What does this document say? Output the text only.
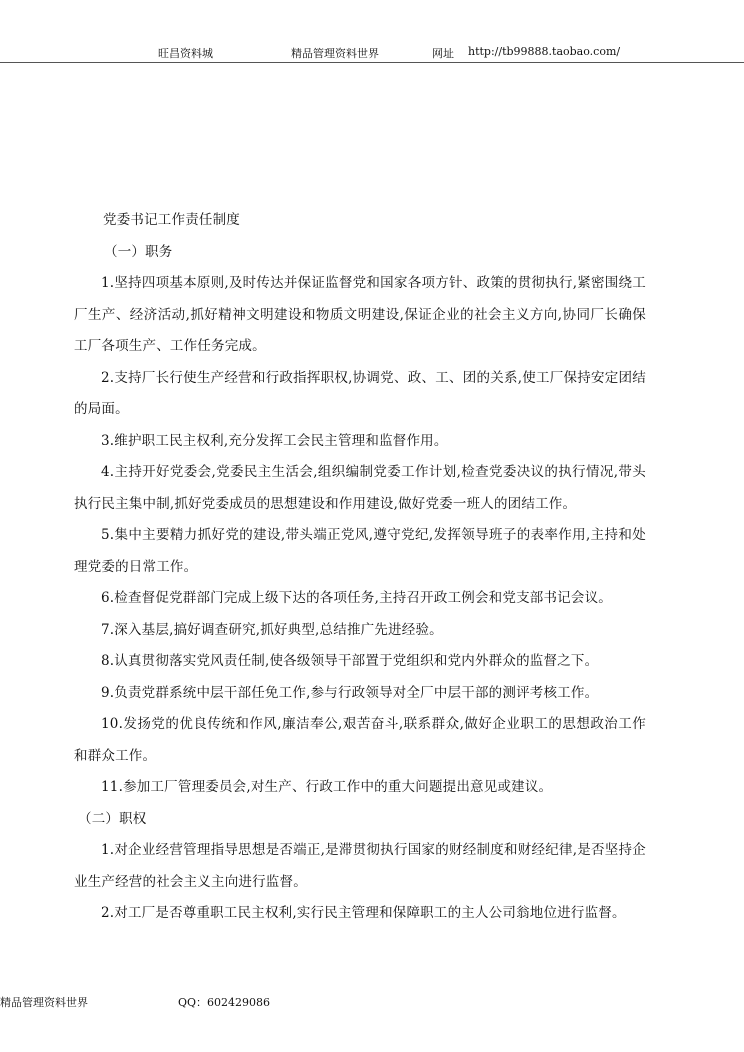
旺昌资料城	精品管理资料世界	网址 http://tb99888.taobao.com/

党委书记工作责任制度

（一）职务

1.坚持四项基本原则,及时传达并保证监督党和国家各项方针、政策的贯彻执行,紧密围绕工厂生产、经济活动,抓好精神文明建设和物质文明建设,保证企业的社会主义方向,协同厂长确保工厂各项生产、工作任务完成。

2.支持厂长行使生产经营和行政指挥职权,协调党、政、工、团的关系,使工厂保持安定团结的局面。

3.维护职工民主权利,充分发挥工会民主管理和监督作用。

4.主持开好党委会,党委民主生活会,组织编制党委工作计划,检查党委决议的执行情况,带头执行民主集中制,抓好党委成员的思想建设和作用建设,做好党委一班人的团结工作。

5.集中主要精力抓好党的建设,带头端正党风,遵守党纪,发挥领导班子的表率作用,主持和处理党委的日常工作。

6.检查督促党群部门完成上级下达的各项任务,主持召开政工例会和党支部书记会议。

7.深入基层,搞好调查研究,抓好典型,总结推广先进经验。

8.认真贯彻落实党风责任制,使各级领导干部置于党组织和党内外群众的监督之下。

9.负责党群系统中层干部任免工作,参与行政领导对全厂中层干部的测评考核工作。

10.发扬党的优良传统和作风,廉洁奉公,艰苦奋斗,联系群众,做好企业职工的思想政治工作和群众工作。

11.参加工厂管理委员会,对生产、行政工作中的重大问题提出意见或建议。

（二）职权

1.对企业经营管理指导思想是否端正,是滞贯彻执行国家的财经制度和财经纪律,是否坚持企业生产经营的社会主义主向进行监督。

2.对工厂是否尊重职工民主权利,实行民主管理和保障职工的主人公司翁地位进行监督。

精品管理资料世界	QQ：602429086
